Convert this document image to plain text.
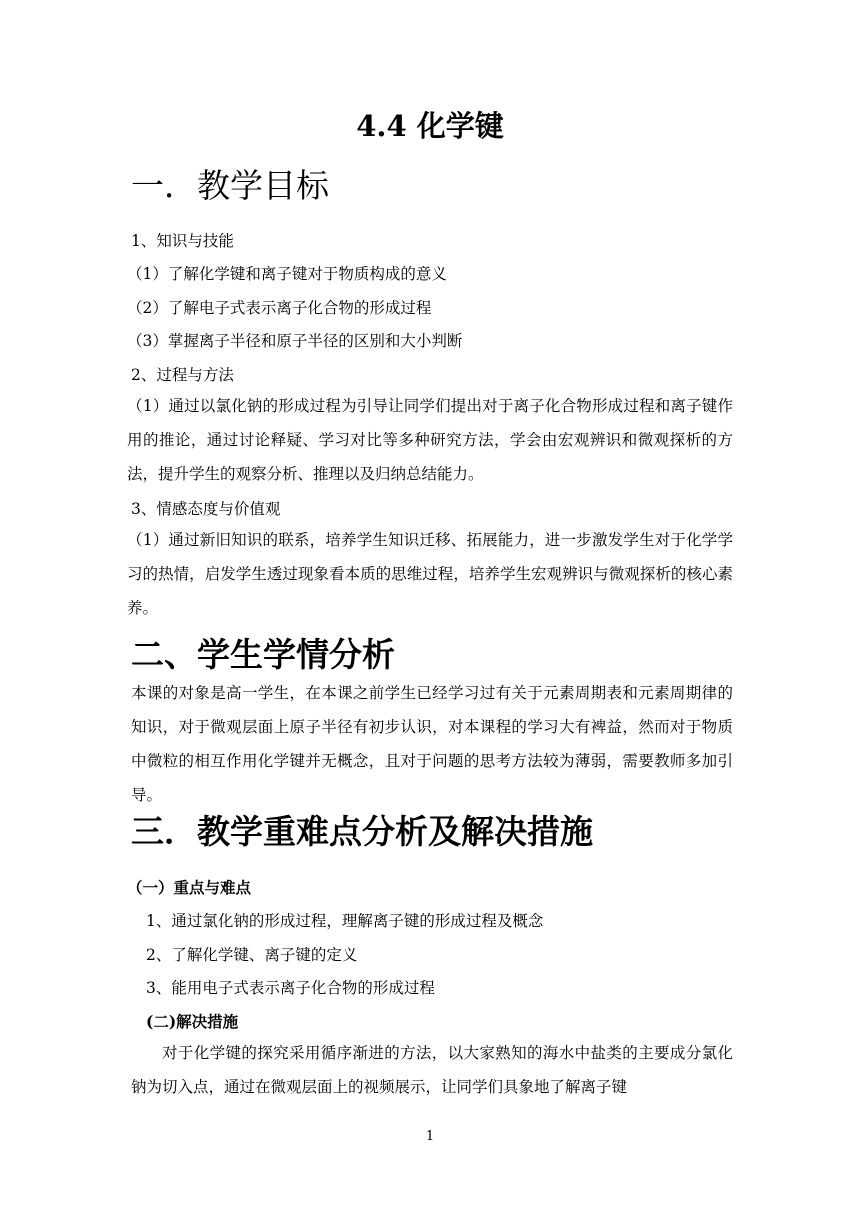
4.4 化学键
一．教学目标
1、知识与技能
（1）了解化学键和离子键对于物质构成的意义
（2）了解电子式表示离子化合物的形成过程
（3）掌握离子半径和原子半径的区别和大小判断
2、过程与方法
（1）通过以氯化钠的形成过程为引导让同学们提出对于离子化合物形成过程和离子键作用的推论，通过讨论释疑、学习对比等多种研究方法，学会由宏观辨识和微观探析的方法，提升学生的观察分析、推理以及归纳总结能力。
3、情感态度与价值观
（1）通过新旧知识的联系，培养学生知识迁移、拓展能力，进一步激发学生对于化学学习的热情，启发学生透过现象看本质的思维过程，培养学生宏观辨识与微观探析的核心素养。
二、学生学情分析
本课的对象是高一学生，在本课之前学生已经学习过有关于元素周期表和元素周期律的知识，对于微观层面上原子半径有初步认识，对本课程的学习大有裨益，然而对于物质中微粒的相互作用化学键并无概念，且对于问题的思考方法较为薄弱，需要教师多加引导。
三．教学重难点分析及解决措施
（一）重点与难点
1、通过氯化钠的形成过程，理解离子键的形成过程及概念
2、了解化学键、离子键的定义
3、能用电子式表示离子化合物的形成过程
(二)解决措施
对于化学键的探究采用循序渐进的方法，以大家熟知的海水中盐类的主要成分氯化钠为切入点，通过在微观层面上的视频展示，让同学们具象地了解离子键
1
